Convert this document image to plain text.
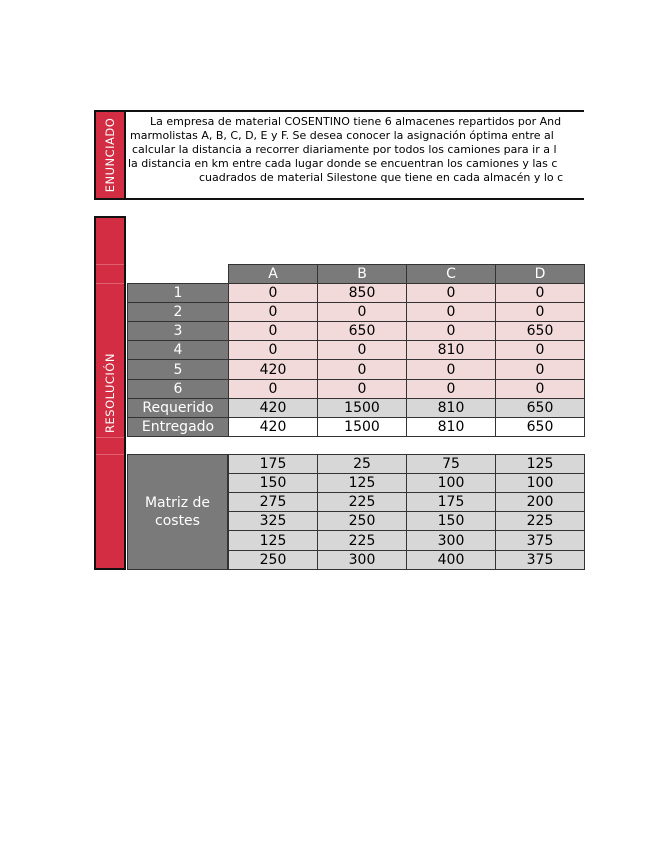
ENUNCIADO	La empresa de material COSENTINO tiene 6 almacenes repartidos por And
marmolistas A, B, C, D, E y F. Se desea conocer la asignación óptima entre al
calcular la distancia a recorrer diariamente por todos los camiones para ir a l
la distancia en km entre cada lugar donde se encuentran los camiones y las c
cuadrados de material Silestone que tiene en cada almacén y lo c
RESOLUCIÓN
A	B	C	D
1	0	850	0	0
2	0	0	0	0
3	0	650	0	650
4	0	0	810	0
5	420	0	0	0
6	0	0	0	0
Requerido	420	1500	810	650
Entregado	420	1500	810	650
Matriz de costes
175	25	75	125
150	125	100	100
275	225	175	200
325	250	150	225
125	225	300	375
250	300	400	375
